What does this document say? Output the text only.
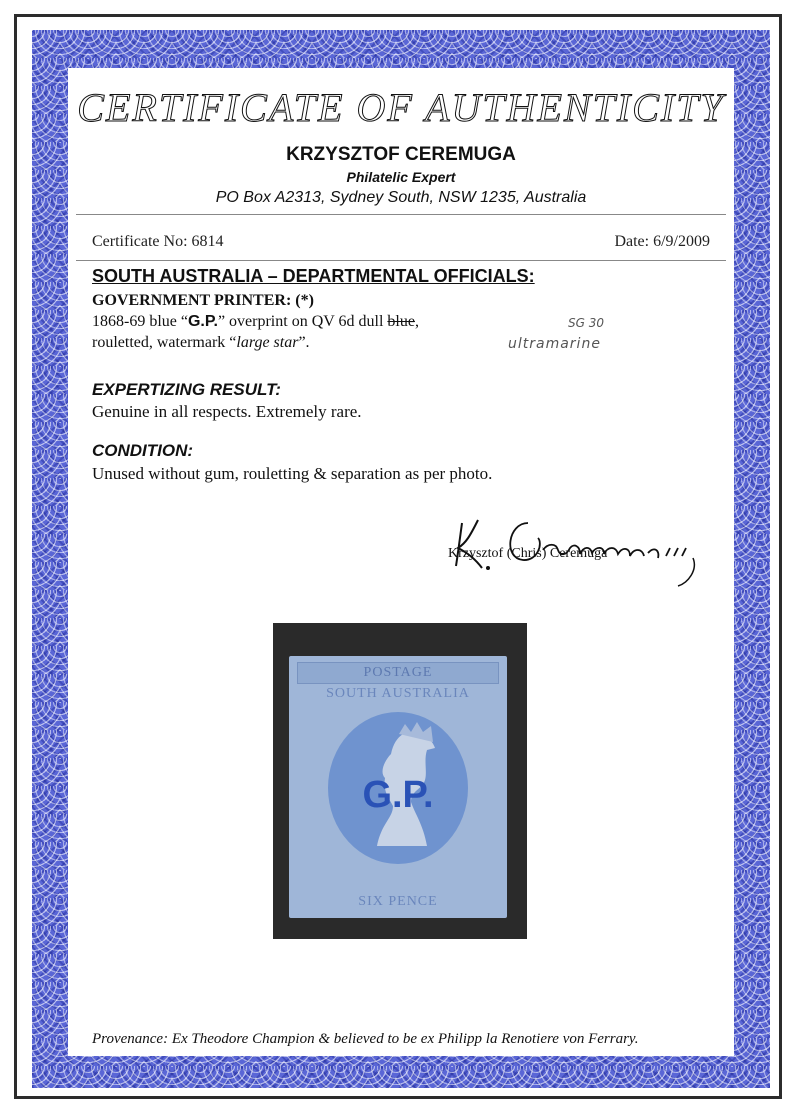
CERTIFICATE OF AUTHENTICITY
KRZYSZTOF CEREMUGA
Philatelic Expert
PO Box A2313, Sydney South, NSW 1235, Australia
Certificate No: 6814	Date: 6/9/2009
SOUTH AUSTRALIA – DEPARTMENTAL OFFICIALS:
GOVERNMENT PRINTER: (*)
1868-69 blue “G.P.” overprint on QV 6d dull blue,
rouletted, watermark “large star”.
SG 30
ultramarine
EXPERTIZING RESULT:
Genuine in all respects. Extremely rare.
CONDITION:
Unused without gum, rouletting & separation as per photo.
Krzysztof (Chris) Ceremuga
POSTAGE
SOUTH AUSTRALIA
G.P.
SIX PENCE
Provenance: Ex Theodore Champion & believed to be ex Philipp la Renotiere von Ferrary.
